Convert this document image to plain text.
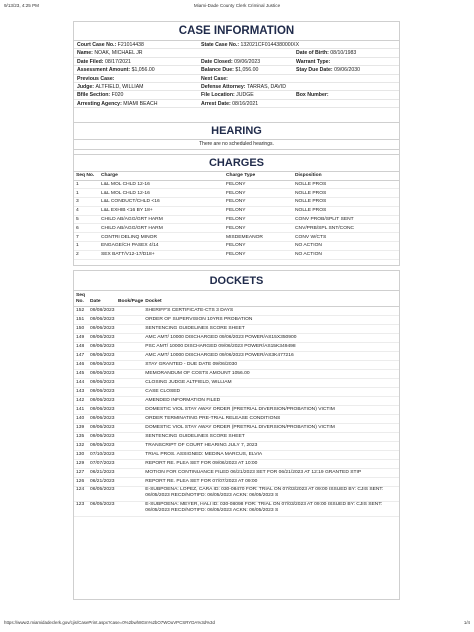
9/13/23, 4:25 PM	Miami-Dade County Clerk Criminal Justice
CASE INFORMATION
Court Case No.: F21014438	State Case No.: 132021CF014438000IXX
Name: NOAK, MICHAEL JR	Date of Birth: 08/10/1983
Date Filed: 08/17/2021	Date Closed: 09/06/2023	Warrant Type:
Assessment Amount: $1,056.00	Balance Due: $1,056.00	Stay Due Date: 09/06/2030
Previous Case:	Next Case:
Judge: ALTFIELD, WILLIAM	Defense Attorney: TARRAS, DAVID
Bfile Section: F020	File Location: JUDGE	Box Number:
Arresting Agency: MIAMI BEACH	Arrest Date: 08/16/2021
HEARING
There are no scheduled hearings.
CHARGES
Seq No.	Charge	Charge Type	Disposition
1	L&L MOL CHLD 12-16	FELONY	NOLLE PROS
1	L&L MOL CHLD 12-16	FELONY	NOLLE PROS
3	L&L CONDUCT/CHLD <16	FELONY	NOLLE PROS
4	L&L EXHIB <16 BY 18+	FELONY	NOLLE PROS
5	CHILD AB/AGG/GRT HARM	FELONY	CONV PROB/SPLIT SENT
6	CHILD AB/AGG/GRT HARM	FELONY	CNV/PRB/SPL SNT/CONC
7	CONTRI DELINQ MINOR	MISDEMEANOR	CONV W/CTS
1	ENGAGE/CH PASEX 4/14	FELONY	NO ACTION
2	SEX BATT/V12-17/D18+	FELONY	NO ACTION
DOCKETS
Seq No.	Date	Book/Page	Docket
152	09/08/2023		SHERIFF'S CERTIFICATE-CTS 3 DAYS
151	09/06/2023		ORDER OF SUPERVISION 10YRS PROBATION
150	09/06/2023		SENTENCING GUIDELINES SCORE SHEET
149	09/06/2023		AMC AMT/ 10000 DISCHARGED 09/06/2023 POWER/AS15X350900
148	09/06/2023		PSC AMT/ 10000 DISCHARGED 09/06/2023 POWER/AS15K349498
147	09/06/2023		AMC AMT/ 10000 DISCHARGED 09/06/2023 POWER/AS3K477216
146	09/06/2023		STAY GRANTED - DUE DATE 09/06/2030
145	09/06/2023		MEMORANDUM OF COSTS AMOUNT 1056.00
144	09/06/2023		CLOSING JUDGE ALTFIELD, WILLIAM
143	09/06/2023		CASE CLOSED
142	09/06/2023		AMENDED INFORMATION FILED
141	09/06/2023		DOMESTIC VIOL STAY AWAY ORDER (PRETRIAL DIVERSION/PROBATION) VICTIM
140	09/06/2023		ORDER TERMINATING PRE-TRIAL RELEASE CONDITIONS
139	09/06/2023		DOMESTIC VIOL STAY AWAY ORDER (PRETRIAL DIVERSION/PROBATION) VICTIM
135	09/06/2023		SENTENCING GUIDELINES SCORE SHEET
132	09/05/2023		TRANSCRIPT OF COURT HEARING JULY 7, 2023
130	07/10/2023		TRIAL PROS. ASSIGNED: MEDINA MARCUS, ELVIA
129	07/07/2023		REPORT RE. PLEA SET FOR 09/06/2023 AT 10:00
127	06/21/2023		MOTION FOR CONTINUANCE FILED 06/21/2023 SET FOR 06/21/2023 AT 12:19 GRANTED STIP
126	06/21/2023		REPORT RE. PLEA SET FOR 07/07/2023 AT 09:00
124	06/05/2023		E-SUBPOENA: LOPEZ, CARA ID: 030-08470 FOR: TRIAL ON 07/03/2023 AT 09:00 ISSUED BY: CJIS SENT: 06/05/2023 RECD/NOTIFD: 06/05/2023 ACKN: 06/05/2023 S
123	06/05/2023		E-SUBPOENA: MEYER, HALI ID: 030-08098 FOR: TRIAL ON 07/03/2023 AT 09:00 ISSUED BY: CJIS SENT: 06/05/2023 RECD/NOTIFD: 06/05/2023 ACKN: 06/05/2023 S
https://www2.miamidadeclerk.gov/cjis/CasePrint.aspx?case=0%2bwh8Gm%2bO7WOuVPCSRYDA%3d%3d	1/4
